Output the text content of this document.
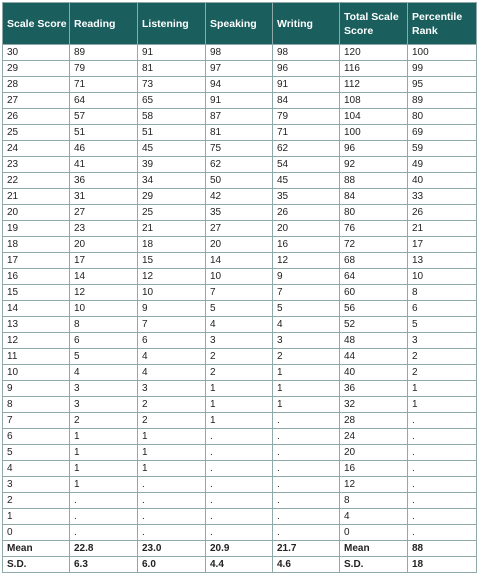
Scale Score	Reading	Listening	Speaking	Writing	Total Scale Score	Percentile Rank
30	89	91	98	98	120	100
29	79	81	97	96	116	99
28	71	73	94	91	112	95
27	64	65	91	84	108	89
26	57	58	87	79	104	80
25	51	51	81	71	100	69
24	46	45	75	62	96	59
23	41	39	62	54	92	49
22	36	34	50	45	88	40
21	31	29	42	35	84	33
20	27	25	35	26	80	26
19	23	21	27	20	76	21
18	20	18	20	16	72	17
17	17	15	14	12	68	13
16	14	12	10	9	64	10
15	12	10	7	7	60	8
14	10	9	5	5	56	6
13	8	7	4	4	52	5
12	6	6	3	3	48	3
11	5	4	2	2	44	2
10	4	4	2	1	40	2
9	3	3	1	1	36	1
8	3	2	1	1	32	1
7	2	2	1	.	28	.
6	1	1	.	.	24	.
5	1	1	.	.	20	.
4	1	1	.	.	16	.
3	1	.	.	.	12	.
2	.	.	.	.	8	.
1	.	.	.	.	4	.
0	.	.	.	.	0	.
Mean	22.8	23.0	20.9	21.7	Mean	88
S.D.	6.3	6.0	4.4	4.6	S.D.	18
